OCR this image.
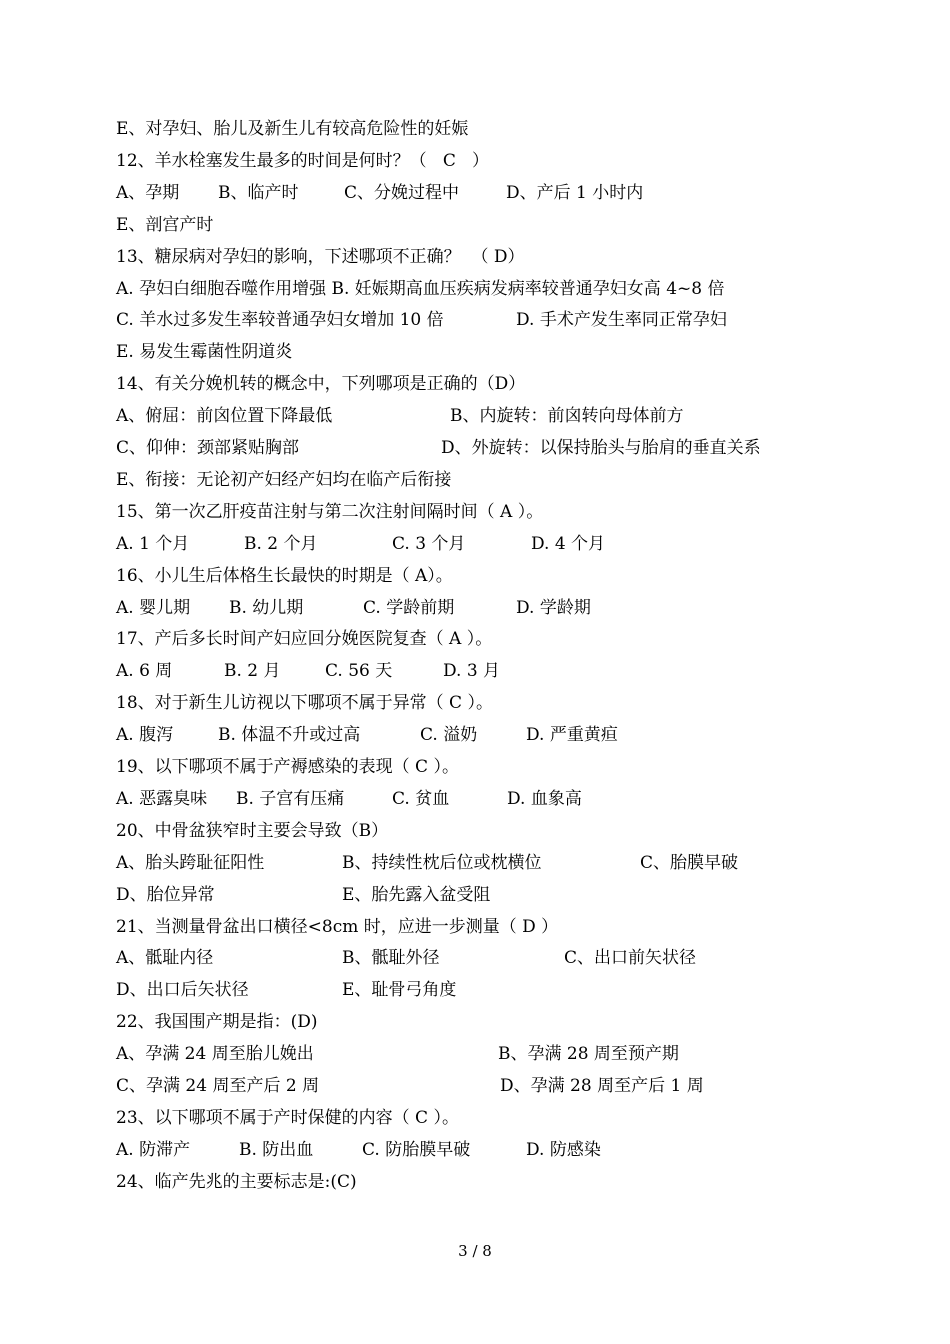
E、对孕妇、胎儿及新生儿有较高危险性的妊娠
12、羊水栓塞发生最多的时间是何时？（   C   ）
A、孕期 B、临产时	C、分娩过程中	D、产后 1 小时内
E、剖宫产时
13、糖尿病对孕妇的影响，下述哪项不正确？  （ D）
A. 孕妇白细胞吞噬作用增强 B. 妊娠期高血压疾病发病率较普通孕妇女高 4~8 倍
C. 羊水过多发生率较普通孕妇女增加 10 倍	D. 手术产发生率同正常孕妇
E. 易发生霉菌性阴道炎
14、有关分娩机转的概念中，下列哪项是正确的（D）
A、俯屈：前囟位置下降最低	B、内旋转：前囟转向母体前方
C、仰伸：颈部紧贴胸部	D、外旋转：以保持胎头与胎肩的垂直关系
E、衔接：无论初产妇经产妇均在临产后衔接
15、第一次乙肝疫苗注射与第二次注射间隔时间（ A ）。
A. 1 个月	B. 2 个月	C. 3 个月	D. 4 个月
16、小儿生后体格生长最快的时期是（ A）。
A. 婴儿期 B. 幼儿期	C. 学龄前期	D. 学龄期
17、产后多长时间产妇应回分娩医院复查（ A ）。
A. 6 周	B. 2 月	C. 56 天	D. 3 月
18、对于新生儿访视以下哪项不属于异常（ C ）。
A. 腹泻	B. 体温不升或过高	C. 溢奶	D. 严重黄疸
19、以下哪项不属于产褥感染的表现（ C ）。
A. 恶露臭味 B. 子宫有压痛	C. 贫血	D. 血象高
20、中骨盆狭窄时主要会导致（B）
A、胎头跨耻征阳性	B、持续性枕后位或枕横位	C、胎膜早破
D、胎位异常	E、胎先露入盆受阻
21、当测量骨盆出口横径<8cm 时，应进一步测量（ D ）
A、骶耻内径	B、骶耻外径	C、出口前矢状径
D、出口后矢状径	E、耻骨弓角度
22、我国围产期是指：(D)
A、孕满 24 周至胎儿娩出	B、孕满 28 周至预产期
C、孕满 24 周至产后 2 周	D、孕满 28 周至产后 1 周
23、以下哪项不属于产时保健的内容（ C ）。
A. 防滞产	B. 防出血	C. 防胎膜早破	D. 防感染
24、临产先兆的主要标志是:(C)
3 / 8
